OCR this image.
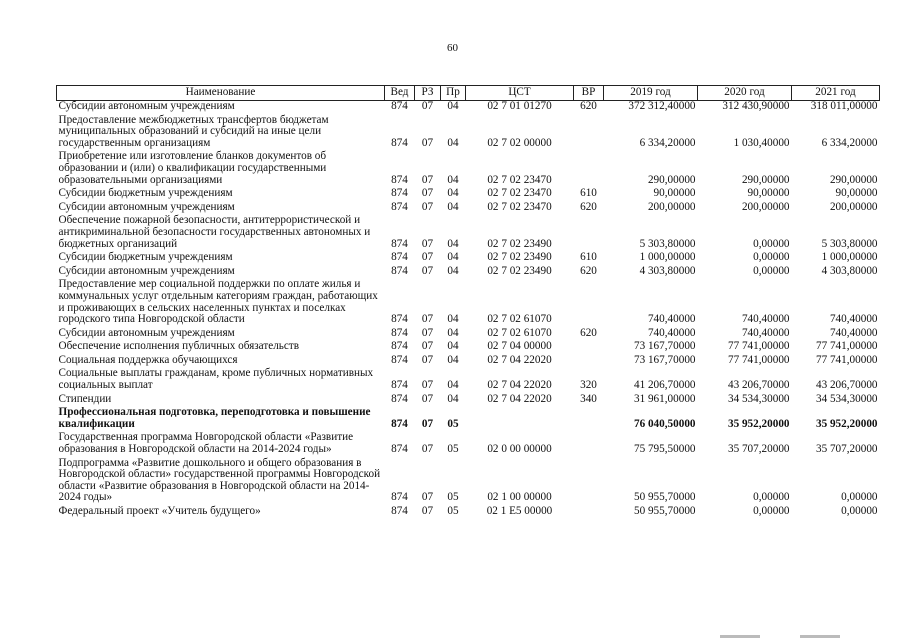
60
Наименование	Вед	РЗ	Пр	ЦСТ	ВР	2019 год	2020 год	2021 год
Субсидии автономным учреждениям	874	07	04	02 7 01 01270	620	372 312,40000	312 430,90000	318 011,00000
Предоставление межбюджетных трансфертов бюджетам муниципальных образований и субсидий на иные цели государственным организациям	874	07	04	02 7 02 00000		6 334,20000	1 030,40000	6 334,20000
Приобретение или изготовление бланков документов об образовании и (или) о квалификации государственными образовательными организациями	874	07	04	02 7 02 23470		290,00000	290,00000	290,00000
Субсидии бюджетным учреждениям	874	07	04	02 7 02 23470	610	90,00000	90,00000	90,00000
Субсидии автономным учреждениям	874	07	04	02 7 02 23470	620	200,00000	200,00000	200,00000
Обеспечение пожарной безопасности, антитеррористической и антикриминальной безопасности государственных автономных и бюджетных организаций	874	07	04	02 7 02 23490		5 303,80000	0,00000	5 303,80000
Субсидии бюджетным учреждениям	874	07	04	02 7 02 23490	610	1 000,00000	0,00000	1 000,00000
Субсидии автономным учреждениям	874	07	04	02 7 02 23490	620	4 303,80000	0,00000	4 303,80000
Предоставление мер социальной поддержки по оплате жилья и коммунальных услуг отдельным категориям граждан, работающих и проживающих в сельских населенных пунктах и поселках городского типа Новгородской области	874	07	04	02 7 02 61070		740,40000	740,40000	740,40000
Субсидии автономным учреждениям	874	07	04	02 7 02 61070	620	740,40000	740,40000	740,40000
Обеспечение исполнения публичных обязательств	874	07	04	02 7 04 00000		73 167,70000	77 741,00000	77 741,00000
Социальная поддержка обучающихся	874	07	04	02 7 04 22020		73 167,70000	77 741,00000	77 741,00000
Социальные выплаты гражданам, кроме публичных нормативных социальных выплат	874	07	04	02 7 04 22020	320	41 206,70000	43 206,70000	43 206,70000
Стипендии	874	07	04	02 7 04 22020	340	31 961,00000	34 534,30000	34 534,30000
Профессиональная подготовка, переподготовка и повышение квалификации	874	07	05			76 040,50000	35 952,20000	35 952,20000
Государственная программа Новгородской области «Развитие образования в Новгородской области на 2014-2024 годы»	874	07	05	02 0 00 00000		75 795,50000	35 707,20000	35 707,20000
Подпрограмма «Развитие дошкольного и общего образования в Новгородской области» государственной программы Новгородской области «Развитие образования в Новгородской области на 2014-2024 годы»	874	07	05	02 1 00 00000		50 955,70000	0,00000	0,00000
Федеральный проект «Учитель будущего»	874	07	05	02 1 E5 00000		50 955,70000	0,00000	0,00000
